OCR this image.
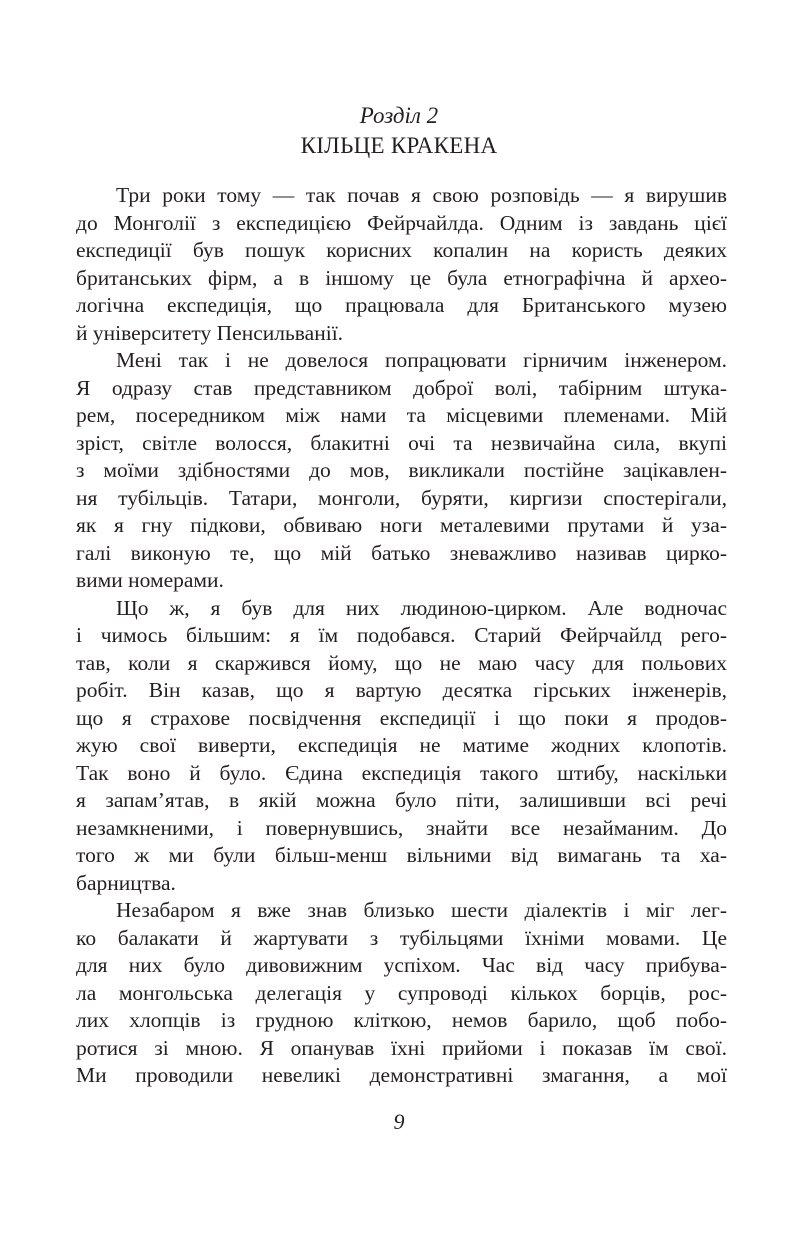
Розділ 2
КІЛЬЦЕ КРАКЕНА
Три роки тому — так почав я свою розповідь — я вирушив
до Монголії з експедицією Фейрчайлда. Одним із завдань цієї
експедиції був пошук корисних копалин на користь деяких
британських фірм, а в іншому це була етнографічна й архео-
логічна експедиція, що працювала для Британського музею
й університету Пенсильванії.
Мені так і не довелося попрацювати гірничим інженером.
Я одразу став представником доброї волі, табірним штука-
рем, посередником між нами та місцевими племенами. Мій
зріст, світле волосся, блакитні очі та незвичайна сила, вкупі
з моїми здібностями до мов, викликали постійне зацікавлен-
ня тубільців. Татари, монголи, буряти, киргизи спостерігали,
як я гну підкови, обвиваю ноги металевими прутами й уза-
галі виконую те, що мій батько зневажливо називав цирко-
вими номерами.
Що ж, я був для них людиною-цирком. Але водночас
і чимось більшим: я їм подобався. Старий Фейрчайлд рего-
тав, коли я скаржився йому, що не маю часу для польових
робіт. Він казав, що я вартую десятка гірських інженерів,
що я страхове посвідчення експедиції і що поки я продов-
жую свої виверти, експедиція не матиме жодних клопотів.
Так воно й було. Єдина експедиція такого штибу, наскільки
я запам’ятав, в якій можна було піти, залишивши всі речі
незамкненими, і повернувшись, знайти все незайманим. До
того ж ми були більш-менш вільними від вимагань та ха-
барництва.
Незабаром я вже знав близько шести діалектів і міг лег-
ко балакати й жартувати з тубільцями їхніми мовами. Це
для них було дивовижним успіхом. Час від часу прибува-
ла монгольська делегація у супроводі кількох борців, рос-
лих хлопців із грудною кліткою, немов барило, щоб побо-
ротися зі мною. Я опанував їхні прийоми і показав їм свої.
Ми проводили невеликі демонстративні змагання, а мої
9
